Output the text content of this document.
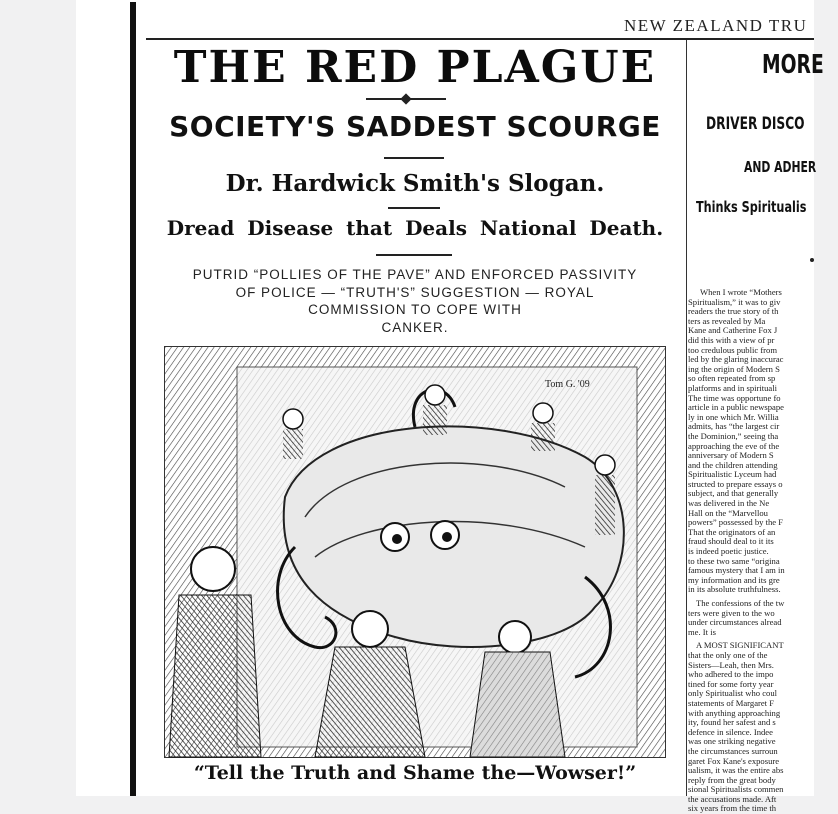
NEW ZEALAND TRU
THE RED PLAGUE
SOCIETY'S SADDEST SCOURGE
Dr. Hardwick Smith's Slogan.
Dread Disease that Deals National Death.
PUTRID “POLLIES OF THE PAVE” AND ENFORCED PASSIVITY
OF POLICE — “TRUTH'S” SUGGESTION — ROYAL
COMMISSION TO COPE WITH
CANKER.
Tom G. '09
“Tell the Truth and Shame the—Wowser!”
MORE
DRIVER DISCO
AND ADHER
Thinks Spiritualis
When I wrote “Mothers
Spiritualism,” it was to giv
readers the true story of th
ters as revealed by Ma
Kane and Catherine Fox J
did this with a view of pr
too credulous public from
led by the glaring inaccurac
ing the origin of Modern S
so often repeated from sp
platforms and in spirituali
The time was opportune fo
article in a public newspape
ly in one which Mr. Willia
admits, has “the largest cir
the Dominion,” seeing tha
approaching the eve of the
anniversary of Modern S
and the children attending
Spiritualistic Lyceum had
structed to prepare essays o
subject, and that generally
was delivered in the Ne
Hall on the “Marvellou
powers” possessed by the F
That the originators of an
fraud should deal to it its
is indeed poetic justice.
to these two same “origina
famous mystery that I am in
my information and its gre
in its absolute truthfulness.
The confessions of the tw
ters were given to the wo
under circumstances alread
me. It is
A MOST SIGNIFICANT
that the only one of the
Sisters—Leah, then Mrs.
who adhered to the impo
tined for some forty year
only Spiritualist who coul
statements of Margaret F
with anything approaching
ity, found her safest and s
defence in silence. Indee
was one striking negative
the circumstances surroun
garet Fox Kane's exposure
ualism, it was the entire abs
reply from the great body
sional Spiritualists commen
the accusations made. Aft
six years from the time th
